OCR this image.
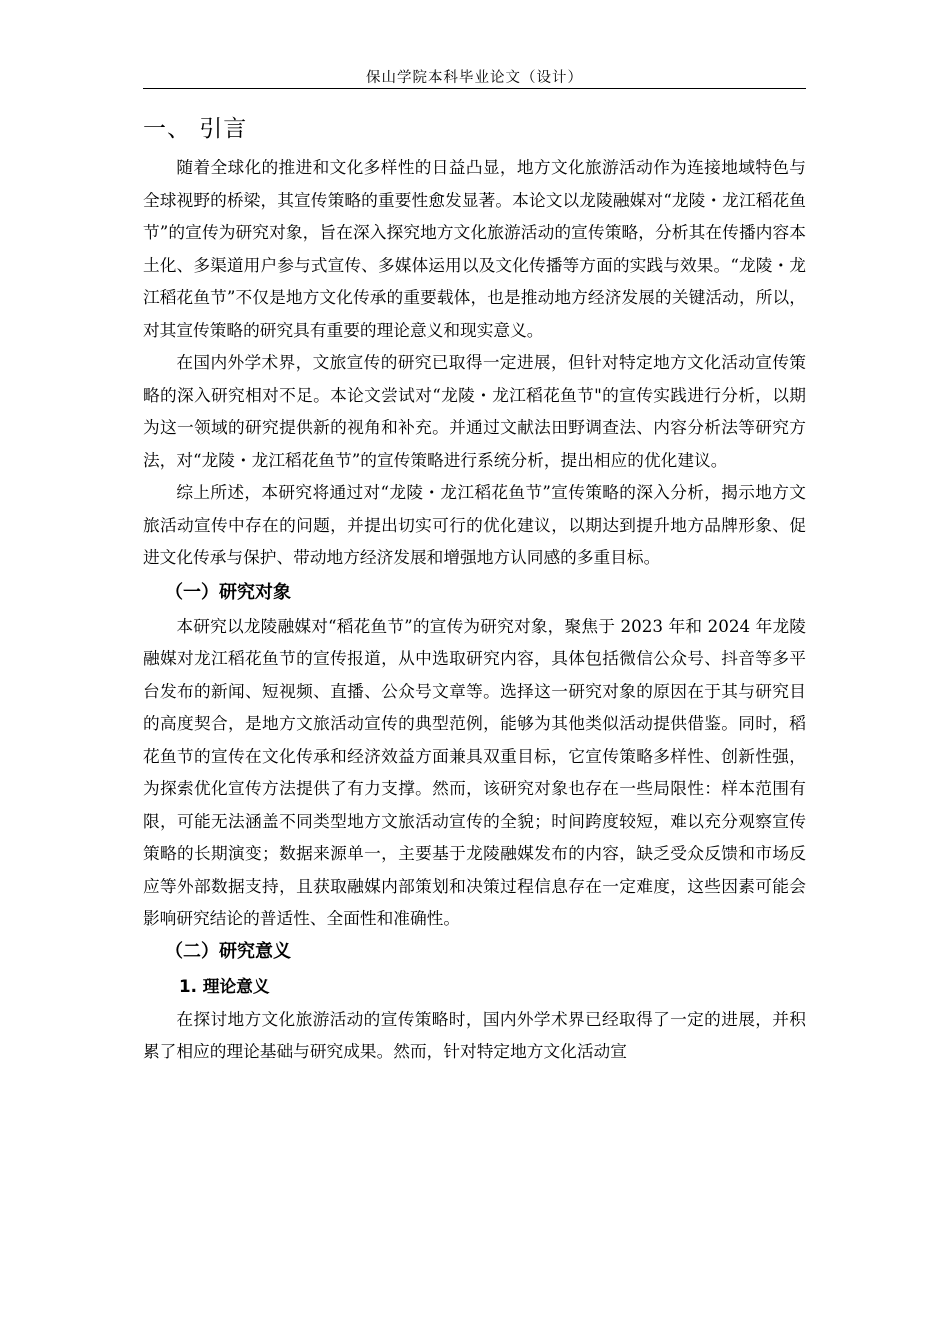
保山学院本科毕业论文（设计）
一、 引言

随着全球化的推进和文化多样性的日益凸显，地方文化旅游活动作为连接地域特色与全球视野的桥梁，其宣传策略的重要性愈发显著。本论文以龙陵融媒对“龙陵・龙江稻花鱼节”的宣传为研究对象，旨在深入探究地方文化旅游活动的宣传策略，分析其在传播内容本土化、多渠道用户参与式宣传、多媒体运用以及文化传播等方面的实践与效果。“龙陵・龙江稻花鱼节”不仅是地方文化传承的重要载体，也是推动地方经济发展的关键活动，所以，对其宣传策略的研究具有重要的理论意义和现实意义。

在国内外学术界，文旅宣传的研究已取得一定进展，但针对特定地方文化活动宣传策略的深入研究相对不足。本论文尝试对“龙陵・龙江稻花鱼节"的宣传实践进行分析，以期为这一领域的研究提供新的视角和补充。并通过文献法田野调查法、内容分析法等研究方法，对“龙陵・龙江稻花鱼节”的宣传策略进行系统分析，提出相应的优化建议。

综上所述，本研究将通过对“龙陵・龙江稻花鱼节”宣传策略的深入分析，揭示地方文旅活动宣传中存在的问题，并提出切实可行的优化建议，以期达到提升地方品牌形象、促进文化传承与保护、带动地方经济发展和增强地方认同感的多重目标。

（一）研究对象

本研究以龙陵融媒对“稻花鱼节”的宣传为研究对象，聚焦于 2023 年和 2024 年龙陵融媒对龙江稻花鱼节的宣传报道，从中选取研究内容，具体包括微信公众号、抖音等多平台发布的新闻、短视频、直播、公众号文章等。选择这一研究对象的原因在于其与研究目的高度契合，是地方文旅活动宣传的典型范例，能够为其他类似活动提供借鉴。同时，稻花鱼节的宣传在文化传承和经济效益方面兼具双重目标，它宣传策略多样性、创新性强，为探索优化宣传方法提供了有力支撑。然而，该研究对象也存在一些局限性：样本范围有限，可能无法涵盖不同类型地方文旅活动宣传的全貌；时间跨度较短，难以充分观察宣传策略的长期演变；数据来源单一，主要基于龙陵融媒发布的内容，缺乏受众反馈和市场反应等外部数据支持，且获取融媒内部策划和决策过程信息存在一定难度，这些因素可能会影响研究结论的普适性、全面性和准确性。

（二）研究意义
1. 理论意义

在探讨地方文化旅游活动的宣传策略时，国内外学术界已经取得了一定的进展，并积累了相应的理论基础与研究成果。然而，针对特定地方文化活动宣
